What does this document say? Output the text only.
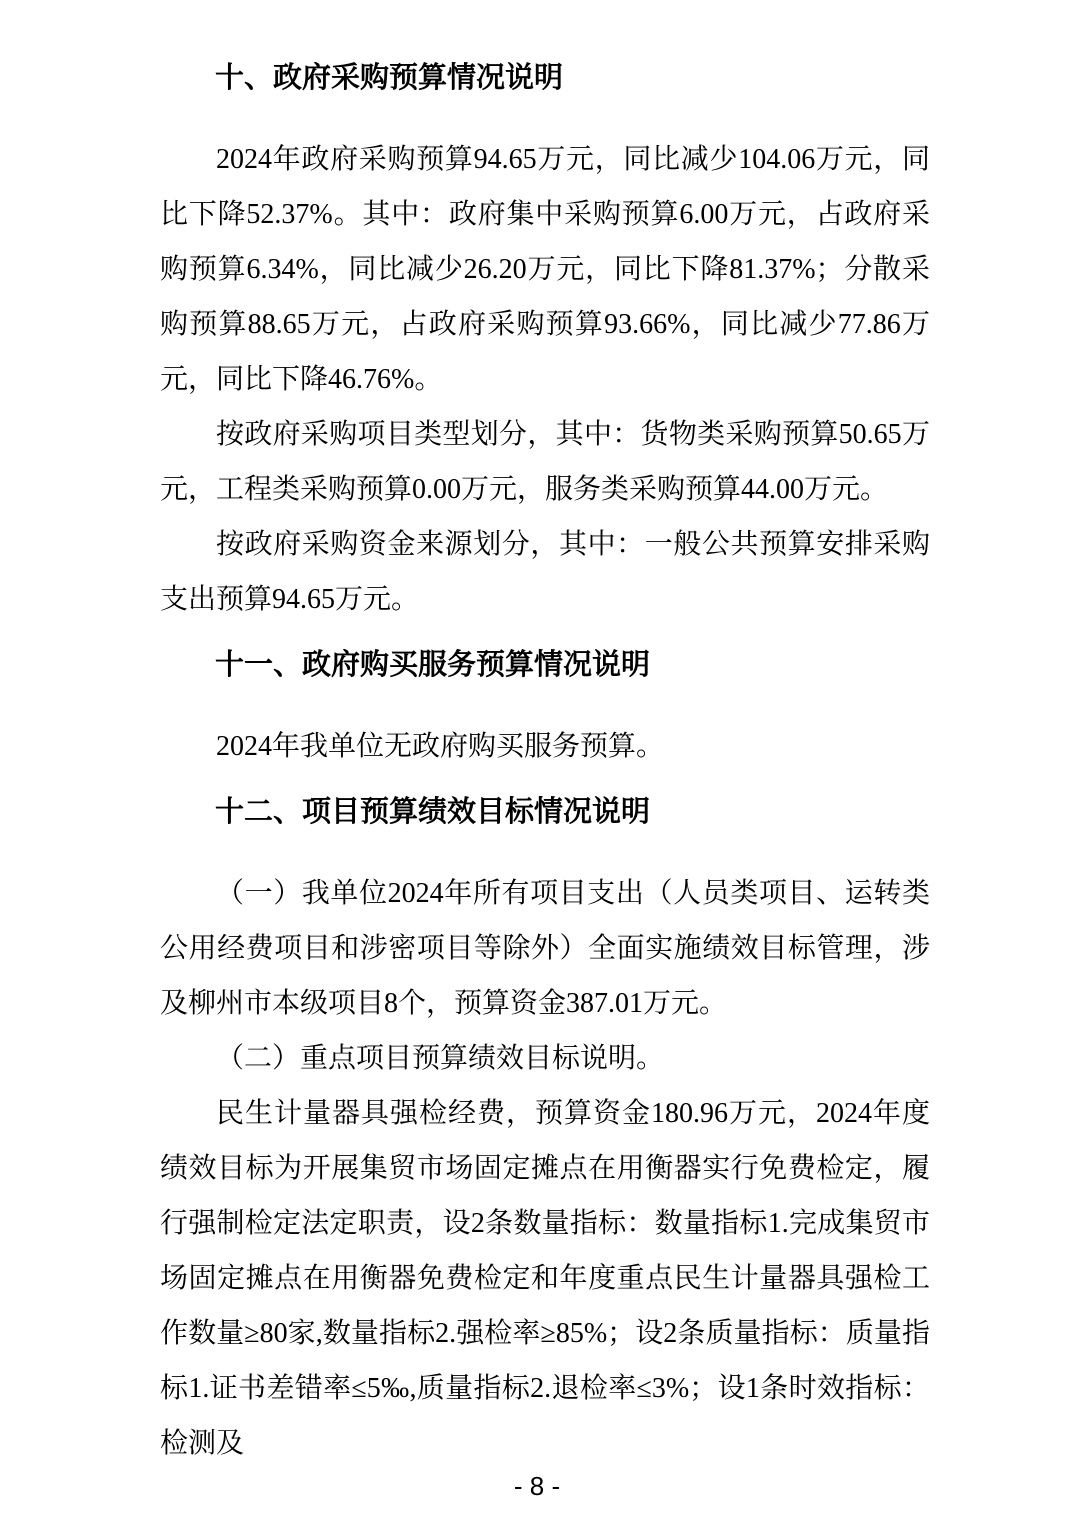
十、政府采购预算情况说明

2024年政府采购预算94.65万元，同比减少104.06万元，同比下降52.37%。其中：政府集中采购预算6.00万元，占政府采购预算6.34%，同比减少26.20万元，同比下降81.37%；分散采购预算88.65万元，占政府采购预算93.66%，同比减少77.86万元，同比下降46.76%。

按政府采购项目类型划分，其中：货物类采购预算50.65万元，工程类采购预算0.00万元，服务类采购预算44.00万元。

按政府采购资金来源划分，其中：一般公共预算安排采购支出预算94.65万元。

十一、政府购买服务预算情况说明

2024年我单位无政府购买服务预算。

十二、项目预算绩效目标情况说明

（一）我单位2024年所有项目支出（人员类项目、运转类公用经费项目和涉密项目等除外）全面实施绩效目标管理，涉及柳州市本级项目8个，预算资金387.01万元。

（二）重点项目预算绩效目标说明。

民生计量器具强检经费，预算资金180.96万元，2024年度绩效目标为开展集贸市场固定摊点在用衡器实行免费检定，履行强制检定法定职责，设2条数量指标：数量指标1.完成集贸市场固定摊点在用衡器免费检定和年度重点民生计量器具强检工作数量≥80家,数量指标2.强检率≥85%；设2条质量指标：质量指标1.证书差错率≤5‰,质量指标2.退检率≤3%；设1条时效指标：检测及

- 8 -
